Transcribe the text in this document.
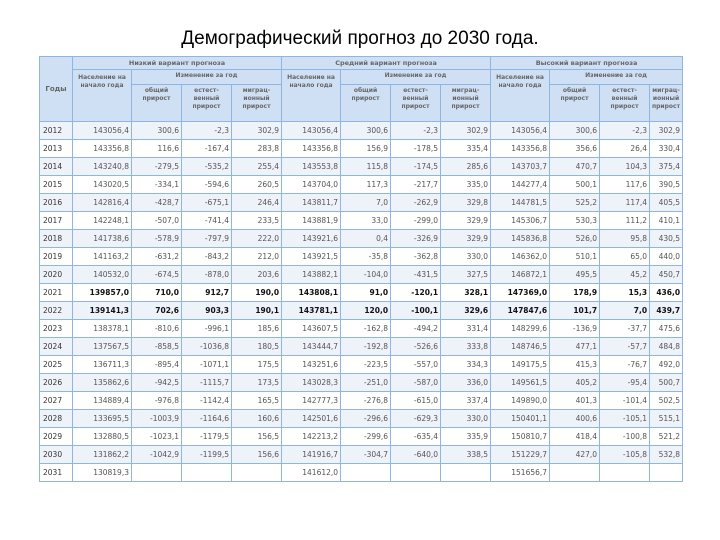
Демографический прогноз до 2030 года.
Годы	Низкий вариант прогноза				Средний вариант прогноза				Высокий вариант прогноза			
	Население на начало года	Изменение за год			Население на начало года	Изменение за год			Население на начало года	Изменение за год		
		общий прирост	естест-венный прирост	миграц-ионный прирост		общий прирост	естест-венный прирост	миграц-ионный прирост		общий прирост	естест-венный прирост	миграц-ионный прирост
2012	143056,4	300,6	-2,3	302,9	143056,4	300,6	-2,3	302,9	143056,4	300,6	-2,3	302,9
2013	143356,8	116,6	-167,4	283,8	143356,8	156,9	-178,5	335,4	143356,8	356,6	26,4	330,4
2014	143240,8	-279,5	-535,2	255,4	143553,8	115,8	-174,5	285,6	143703,7	470,7	104,3	375,4
2015	143020,5	-334,1	-594,6	260,5	143704,0	117,3	-217,7	335,0	144277,4	500,1	117,6	390,5
2016	142816,4	-428,7	-675,1	246,4	143811,7	7,0	-262,9	329,8	144781,5	525,2	117,4	405,5
2017	142248,1	-507,0	-741,4	233,5	143881,9	33,0	-299,0	329,9	145306,7	530,3	111,2	410,1
2018	141738,6	-578,9	-797,9	222,0	143921,6	0,4	-326,9	329,9	145836,8	526,0	95,8	430,5
2019	141163,2	-631,2	-843,2	212,0	143921,5	-35,8	-362,8	330,0	146362,0	510,1	65,0	440,0
2020	140532,0	-674,5	-878,0	203,6	143882,1	-104,0	-431,5	327,5	146872,1	495,5	45,2	450,7
2021	139857,0	710,0	912,7	190,0	143808,1	91,0	-120,1	328,1	147369,0	178,9	15,3	436,0
2022	139141,3	702,6	903,3	190,1	143781,1	120,0	-100,1	329,6	147847,6	101,7	7,0	439,7
2023	138378,1	-810,6	-996,1	185,6	143607,5	-162,8	-494,2	331,4	148299,6	-136,9	-37,7	475,6
2024	137567,5	-858,5	-1036,8	180,5	143444,7	-192,8	-526,6	333,8	148746,5	477,1	-57,7	484,8
2025	136711,3	-895,4	-1071,1	175,5	143251,6	-223,5	-557,0	334,3	149175,5	415,3	-76,7	492,0
2026	135862,6	-942,5	-1115,7	173,5	143028,3	-251,0	-587,0	336,0	149561,5	405,2	-95,4	500,7
2027	134889,4	-976,8	-1142,4	165,5	142777,3	-276,8	-615,0	337,4	149890,0	401,3	-101,4	502,5
2028	133695,5	-1003,9	-1164,6	160,6	142501,6	-296,6	-629,3	330,0	150401,1	400,6	-105,1	515,1
2029	132880,5	-1023,1	-1179,5	156,5	142213,2	-299,6	-635,4	335,9	150810,7	418,4	-100,8	521,2
2030	131862,2	-1042,9	-1199,5	156,6	141916,7	-304,7	-640,0	338,5	151229,7	427,0	-105,8	532,8
2031	130819,3				141612,0				151656,7			
